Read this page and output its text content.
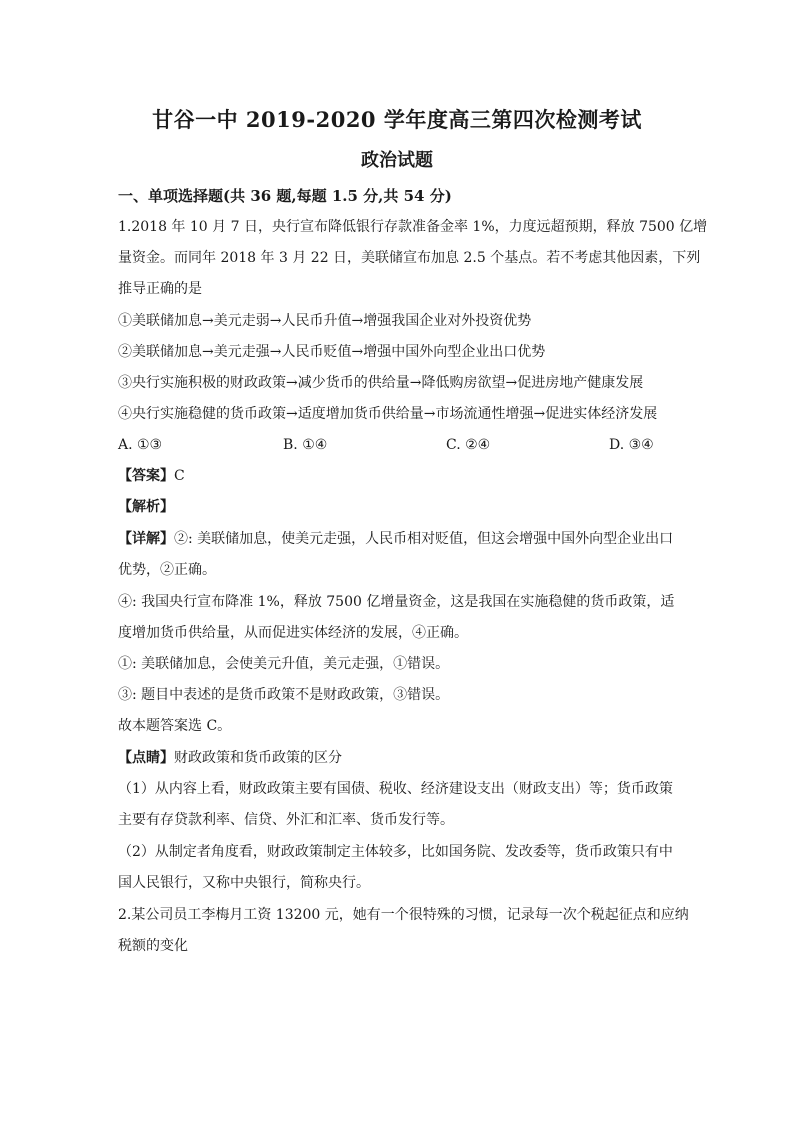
甘谷一中 2019-2020 学年度高三第四次检测考试
政治试题
一、单项选择题(共 36 题,每题 1.5 分,共 54 分)
1.2018 年 10 月 7 日，央行宣布降低银行存款准备金率 1%，力度远超预期，释放 7500 亿增
量资金。而同年 2018 年 3 月 22 日，美联储宣布加息 2.5 个基点。若不考虑其他因素，下列
推导正确的是
①美联储加息→美元走弱→人民币升值→增强我国企业对外投资优势
②美联储加息→美元走强→人民币贬值→增强中国外向型企业出口优势
③央行实施积极的财政政策→减少货币的供给量→降低购房欲望→促进房地产健康发展
④央行实施稳健的货币政策→适度增加货币供给量→市场流通性增强→促进实体经济发展
A. ①③	B. ①④	C. ②④	D. ③④
【答案】C
【解析】
【详解】②: 美联储加息，使美元走强，人民币相对贬值，但这会增强中国外向型企业出口
优势，②正确。
④: 我国央行宣布降准 1%，释放 7500 亿增量资金，这是我国在实施稳健的货币政策，适
度增加货币供给量，从而促进实体经济的发展，④正确。
①: 美联储加息，会使美元升值，美元走强，①错误。
③: 题目中表述的是货币政策不是财政政策，③错误。
故本题答案选 C。
【点睛】财政政策和货币政策的区分
（1）从内容上看，财政政策主要有国债、税收、经济建设支出（财政支出）等；货币政策
主要有存贷款利率、信贷、外汇和汇率、货币发行等。
（2）从制定者角度看，财政政策制定主体较多，比如国务院、发改委等，货币政策只有中
国人民银行，又称中央银行，简称央行。
2.某公司员工李梅月工资 13200 元，她有一个很特殊的习惯，记录每一次个税起征点和应纳
税额的变化
